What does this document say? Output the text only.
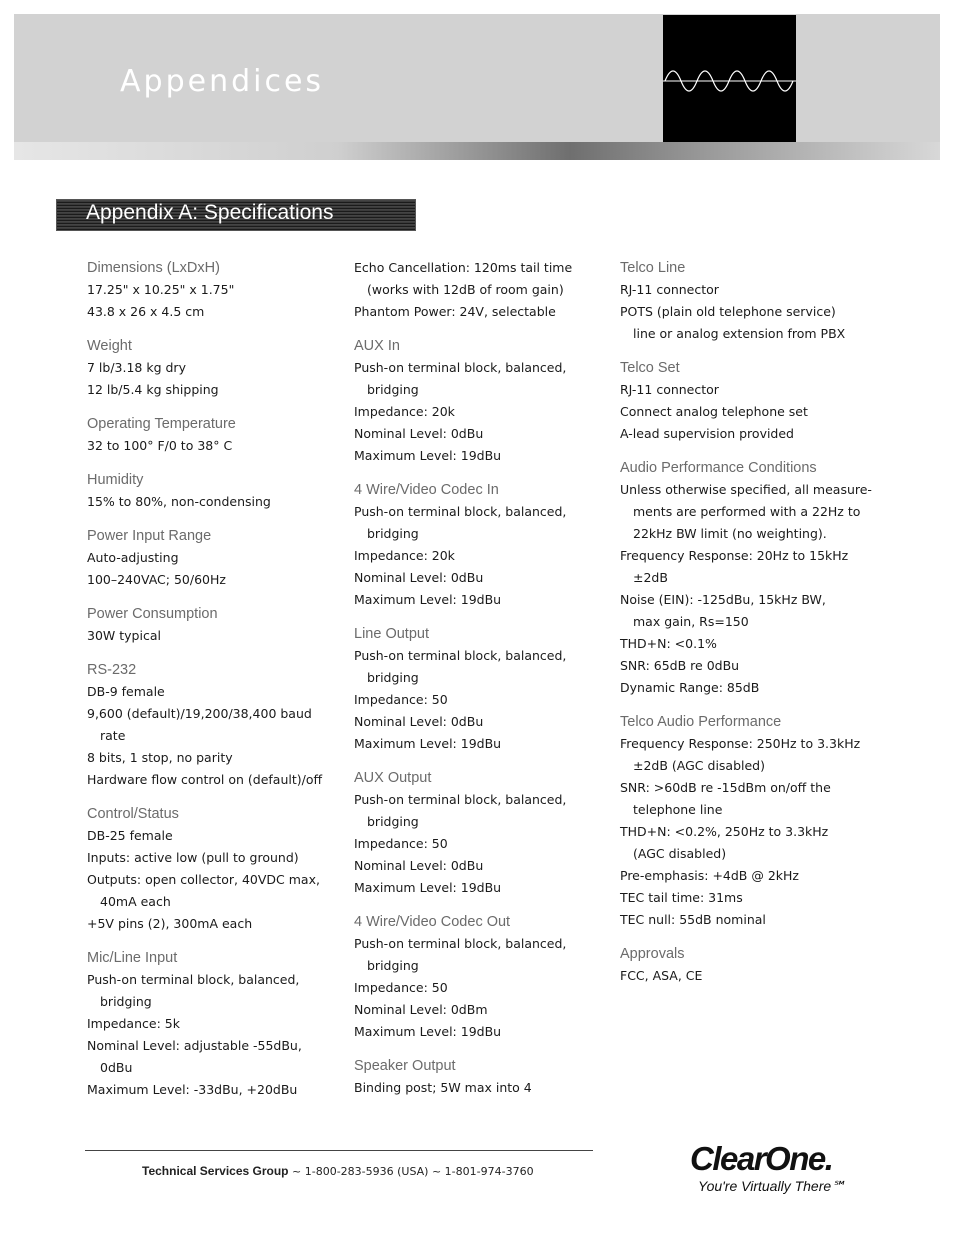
Appendices
Appendix A: Specifications
Dimensions (LxDxH)
17.25" x 10.25" x 1.75"
43.8 x 26 x 4.5 cm
Weight
7 lb/3.18 kg dry
12 lb/5.4 kg shipping
Operating Temperature
32 to 100° F/0 to 38° C
Humidity
15% to 80%, non-condensing
Power Input Range
Auto-adjusting
100–240VAC; 50/60Hz
Power Consumption
30W typical
RS-232
DB-9 female
9,600 (default)/19,200/38,400 baud
rate
8 bits, 1 stop, no parity
Hardware flow control on (default)/off
Control/Status
DB-25 female
Inputs: active low (pull to ground)
Outputs: open collector, 40VDC max,
40mA each
+5V pins (2), 300mA each
Mic/Line Input
Push-on terminal block, balanced,
bridging
Impedance: 5k
Nominal Level: adjustable -55dBu,
0dBu
Maximum Level: -33dBu, +20dBu
Echo Cancellation: 120ms tail time
(works with 12dB of room gain)
Phantom Power: 24V, selectable
AUX In
Push-on terminal block, balanced,
bridging
Impedance: 20k
Nominal Level: 0dBu
Maximum Level: 19dBu
4 Wire/Video Codec In
Push-on terminal block, balanced,
bridging
Impedance: 20k
Nominal Level: 0dBu
Maximum Level: 19dBu
Line Output
Push-on terminal block, balanced,
bridging
Impedance: 50
Nominal Level: 0dBu
Maximum Level: 19dBu
AUX Output
Push-on terminal block, balanced,
bridging
Impedance: 50
Nominal Level: 0dBu
Maximum Level: 19dBu
4 Wire/Video Codec Out
Push-on terminal block, balanced,
bridging
Impedance: 50
Nominal Level: 0dBm
Maximum Level: 19dBu
Speaker Output
Binding post; 5W max into 4
Telco Line
RJ-11 connector
POTS (plain old telephone service)
line or analog extension from PBX
Telco Set
RJ-11 connector
Connect analog telephone set
A-lead supervision provided
Audio Performance Conditions
Unless otherwise specified, all measure-
ments are performed with a 22Hz to
22kHz BW limit (no weighting).
Frequency Response: 20Hz to 15kHz
±2dB
Noise (EIN): -125dBu, 15kHz BW,
max gain, Rs=150
THD+N: <0.1%
SNR: 65dB re 0dBu
Dynamic Range: 85dB
Telco Audio Performance
Frequency Response: 250Hz to 3.3kHz
±2dB (AGC disabled)
SNR: >60dB re -15dBm on/off the
telephone line
THD+N: <0.2%, 250Hz to 3.3kHz
(AGC disabled)
Pre-emphasis: +4dB @ 2kHz
TEC tail time: 31ms
TEC null: 55dB nominal
Approvals
FCC, ASA, CE
Technical Services Group ~ 1-800-283-5936 (USA) ~ 1-801-974-3760	ClearOne.
You're Virtually There℠
